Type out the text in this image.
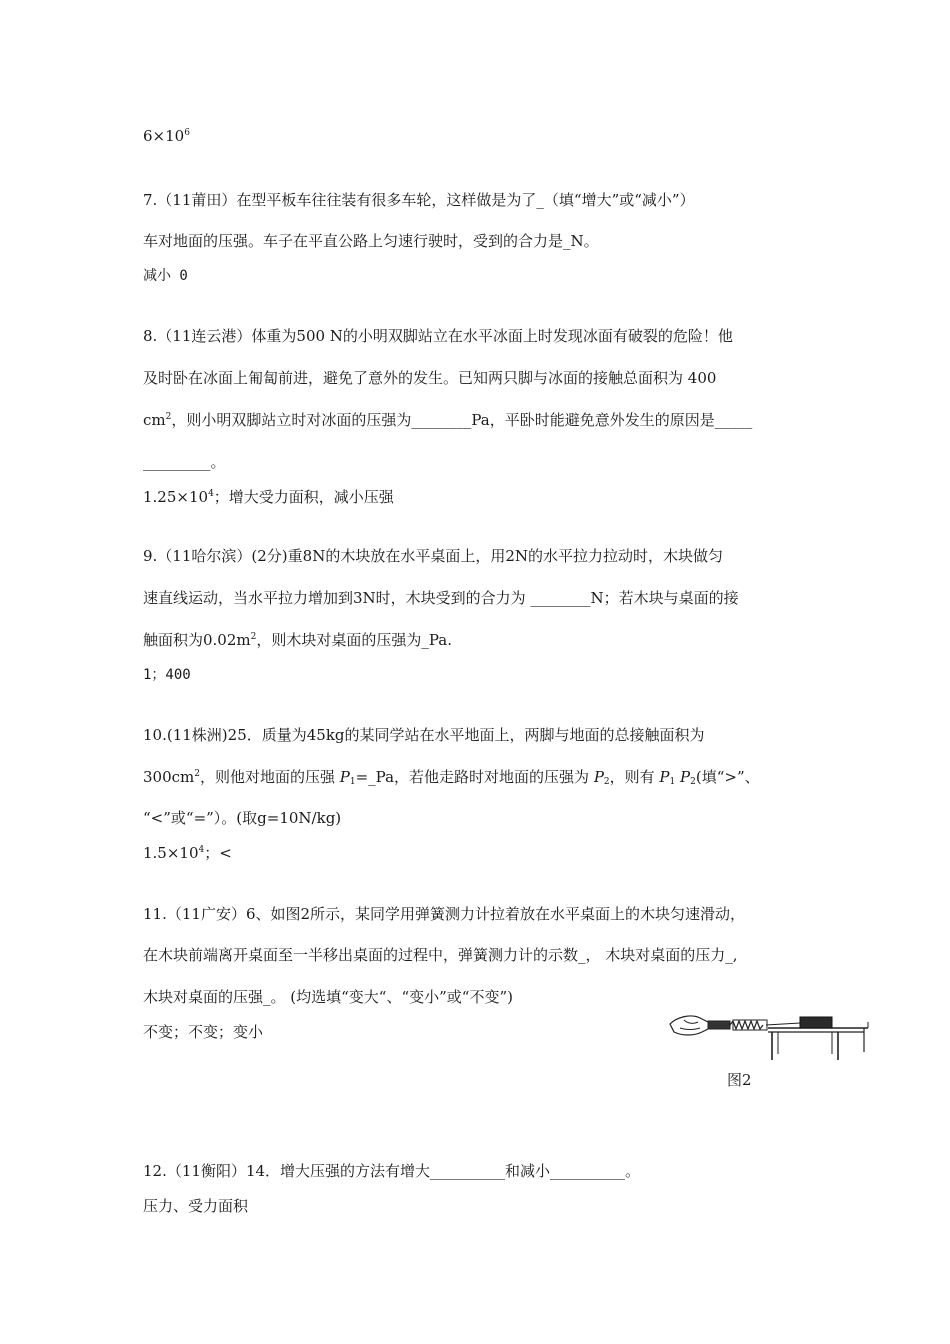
$6\times 10^6$
7.（11莆田）在型平板车往往装有很多车轮，这样做是为了_（填“增大”或“减小”）
车对地面的压强。车子在平直公路上匀速行驶时，受到的合力是_N。
减小 0
8.（11连云港）体重为500 N的小明双脚站立在水平冰面上时发现冰面有破裂的危险！他
及时卧在冰面上匍匐前进，避免了意外的发生。已知两只脚与冰面的接触总面积为 400
$cm^2$，则小明双脚站立时对冰面的压强为________Pa，平卧时能避免意外发生的原因是_____
_________。
$1.25\times 10^4$；增大受力面积，减小压强
9.（11哈尔滨）(2分)重8N的木块放在水平桌面上，用2N的水平拉力拉动时，木块做匀
速直线运动，当水平拉力增加到3N时，木块受到的合力为 ________N；若木块与桌面的接
触面积为$0.02m^2$，则木块对桌面的压强为_Pa.
1；400
10.(11株洲)25．质量为45kg的某同学站在水平地面上，两脚与地面的总接触面积为
$300cm^2$，则他对地面的压强 $P_1=\_Pa$，若他走路时对地面的压强为 $P_2$，则有 $P_1$ $P_2$(填“>”、
“<”或“=”）。(取g=10N/kg)
$1.5\times 10^4$；<
11.（11广安）6、如图2所示，某同学用弹簧测力计拉着放在水平桌面上的木块匀速滑动，
在木块前端离开桌面至一半移出桌面的过程中，弹簧测力计的示数_， 木块对桌面的压力_,
木块对桌面的压强_。 (均选填“变大“、“变小”或“不变”)
不变；不变；变小
图2
12.（11衡阳）14．增大压强的方法有增大__________和减小__________。
压力、受力面积
